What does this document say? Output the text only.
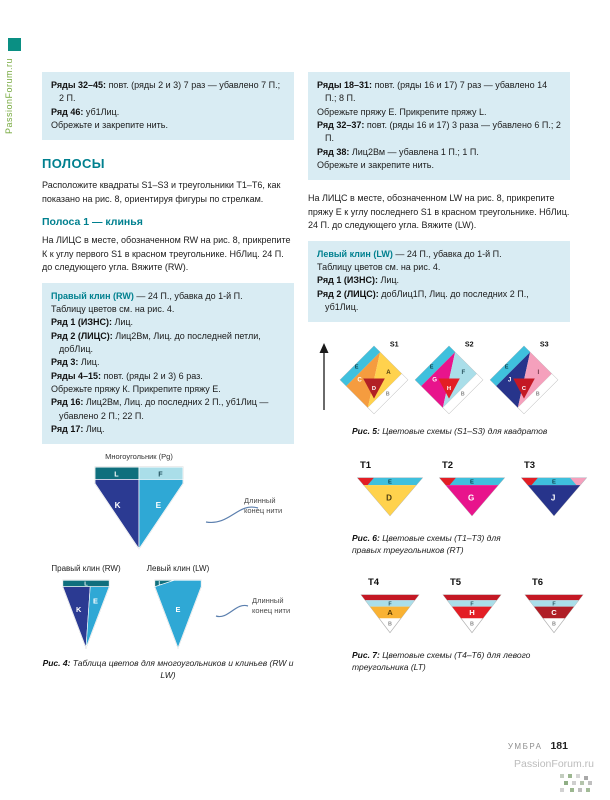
PassionForum.ru	Ряды 32–45: повт. (ряды 2 и 3) 7 раз — убавлено 7 П.; 2 П.

Ряд 46: уб1Лиц.

Обрежьте и закрепите нить.

ПОЛОСЫ

Расположите квадраты S1–S3 и треугольники Т1–Т6, как показано на рис. 8, ориентируя фигуры по стрелкам.

Полоса 1 — клинья

На ЛИЦС в месте, обозначенном RW на рис. 8, прикрепите К к углу первого S1 в красном треугольнике. НбЛиц. 24 П. до следующего угла. Вяжите (RW).

Правый клин (RW) — 24 П., убавка до 1-й П.

Таблицу цветов см. на рис. 4.

Ряд 1 (ИЗНС): Лиц.

Ряд 2 (ЛИЦС): Лиц2Вм, Лиц. до последней петли, добЛиц.

Ряд 3: Лиц.

Ряды 4–15: повт. (ряды 2 и 3) 6 раз.

Обрежьте пряжу К. Прикрепите пряжу Е.

Ряд 16: Лиц2Вм, Лиц. до последних 2 П., уб1Лиц — убавлено 2 П.; 22 П.

Ряд 17: Лиц.

Многоугольник (Pg)
L	F
K	E
Длинный конец нити
Правый клин (RW)
L
K
E
Левый клин (LW)
L
E
Длинный конец нити

Рис. 4: Таблица цветов для многоугольников и клиньев (RW и LW)

Ряды 18–31: повт. (ряды 16 и 17) 7 раз — убавлено 14 П.; 8 П.

Обрежьте пряжу Е. Прикрепите пряжу L.

Ряд 32–37: повт. (ряды 16 и 17) 3 раза — убавлено 6 П.; 2 П.

Ряд 38: Лиц2Вм — убавлена 1 П.; 1 П.

Обрежьте и закрепите нить.

На ЛИЦС в месте, обозначенном LW на рис. 8, прикрепите пряжу Е к углу последнего S1 в красном треугольнике. НбЛиц. 24 П. до следующего угла. Вяжите (LW).

Левый клин (LW) — 24 П., убавка до 1-й П.

Таблицу цветов см. на рис. 4.

Ряд 1 (ИЗНС): Лиц.

Ряд 2 (ЛИЦС): добЛиц1П, Лиц. до последних 2 П., уб1Лиц.

S1
E
C
A
D
B
S2
E
G
F
H
B
S3
E
J
I
C
B

Рис. 5: Цветовые схемы (S1–S3) для квадратов

T1
E
D
T2
E
G
T3
E
J

Рис. 6: Цветовые схемы (Т1–Т3) для правых треугольников (RT)

T4
F
A
B
T5
F
H
B
T6
F
C
B

Рис. 7: Цветовые схемы (Т4–Т6) для левого треугольника (LT)

УМБРА 181
PassionForum.ru
